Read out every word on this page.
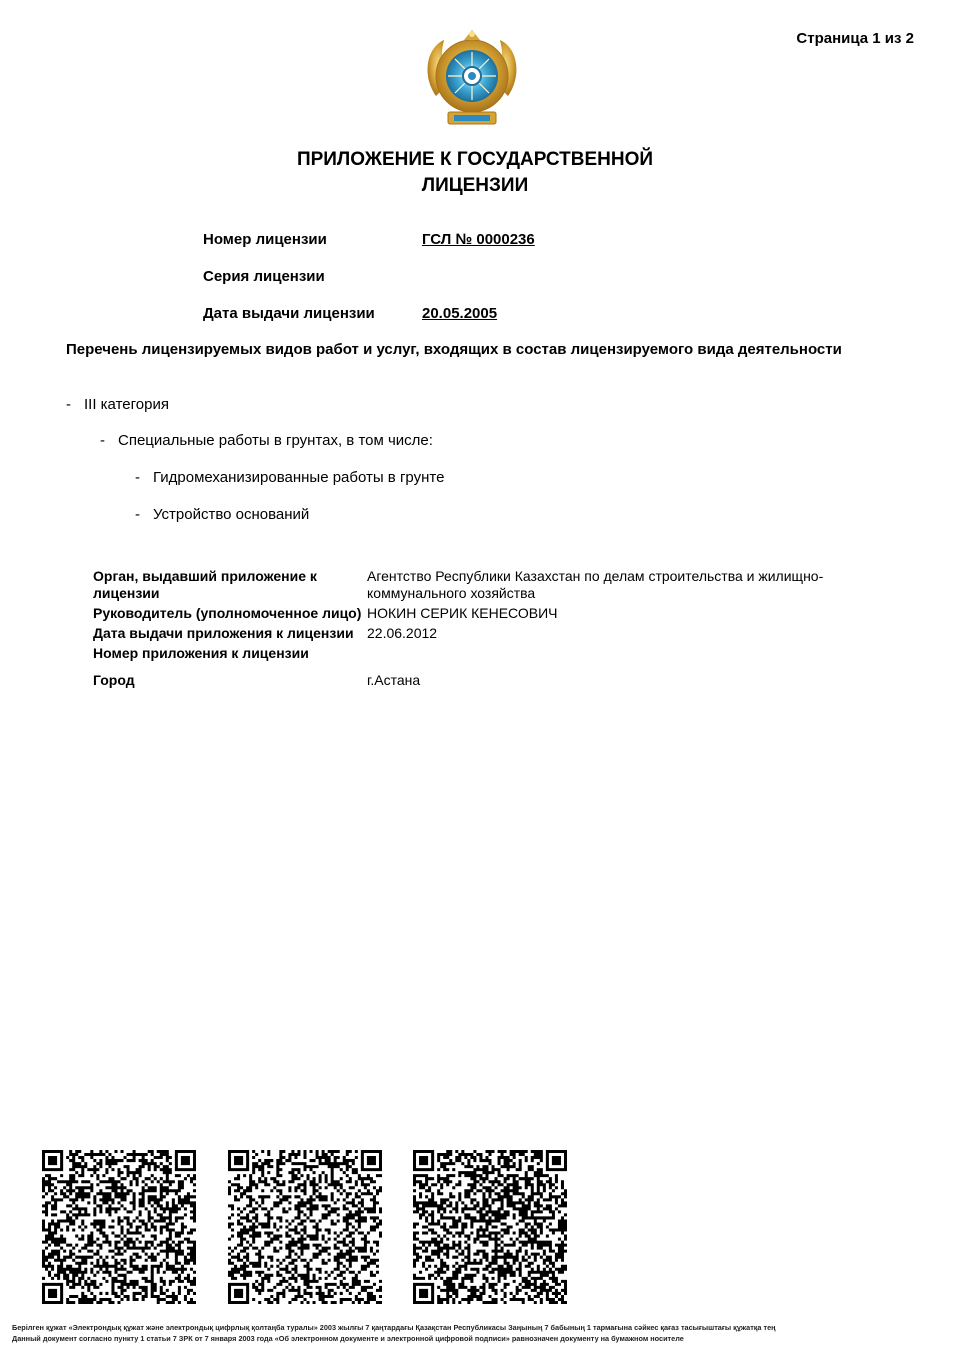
Страница 1 из 2
ПРИЛОЖЕНИЕ К ГОСУДАРСТВЕННОЙ
ЛИЦЕНЗИИ
Номер лицензии	ГСЛ № 0000236
Серия лицензии
Дата выдачи лицензии	20.05.2005
Перечень лицензируемых видов работ и услуг, входящих в состав лицензируемого вида деятельности
- III категория
- Специальные работы в грунтах, в том числе:
- Гидромеханизированные работы в грунте
- Устройство оснований
Орган, выдавший приложение к лицензии
Агентство Республики Казахстан по делам строительства и жилищно-коммунального хозяйства
Руководитель (уполномоченное лицо) НОКИН СЕРИК КЕНЕСОВИЧ
Дата выдачи приложения к лицензии 22.06.2012
Номер приложения к лицензии
Город	г.Астана
Берілген құжат «Электрондық құжат және электрондық цифрлық қолтаңба туралы» 2003 жылғы 7 қаңтардағы Қазақстан Республикасы Заңының 7 бабының 1 тармағына сәйкес қағаз тасығыштағы құжатқа тең
Данный документ согласно пункту 1 статьи 7 ЗРК от 7 января 2003 года «Об электронном документе и электронной цифровой подписи» равнозначен документу на бумажном носителе
